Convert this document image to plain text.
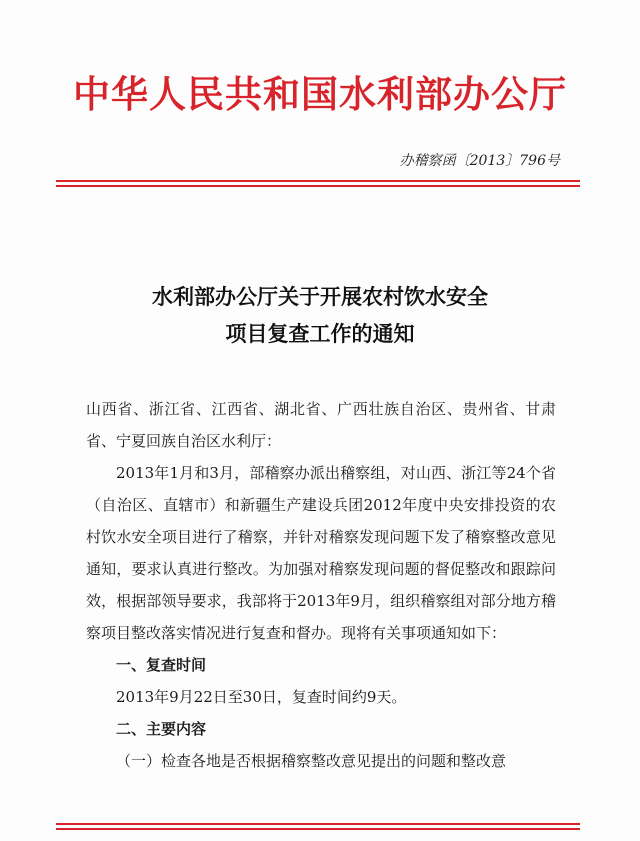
中华人民共和国水利部办公厅
办稽察函〔2013〕796号
水利部办公厅关于开展农村饮水安全
项目复查工作的通知

山西省、浙江省、江西省、湖北省、广西壮族自治区、贵州省、甘肃省、宁夏回族自治区水利厅：

2013年1月和3月，部稽察办派出稽察组，对山西、浙江等24个省（自治区、直辖市）和新疆生产建设兵团2012年度中央安排投资的农村饮水安全项目进行了稽察，并针对稽察发现问题下发了稽察整改意见通知，要求认真进行整改。为加强对稽察发现问题的督促整改和跟踪问效，根据部领导要求，我部将于2013年9月，组织稽察组对部分地方稽察项目整改落实情况进行复查和督办。现将有关事项通知如下：

一、复查时间

2013年9月22日至30日，复查时间约9天。

二、主要内容

（一）检查各地是否根据稽察整改意见提出的问题和整改意
